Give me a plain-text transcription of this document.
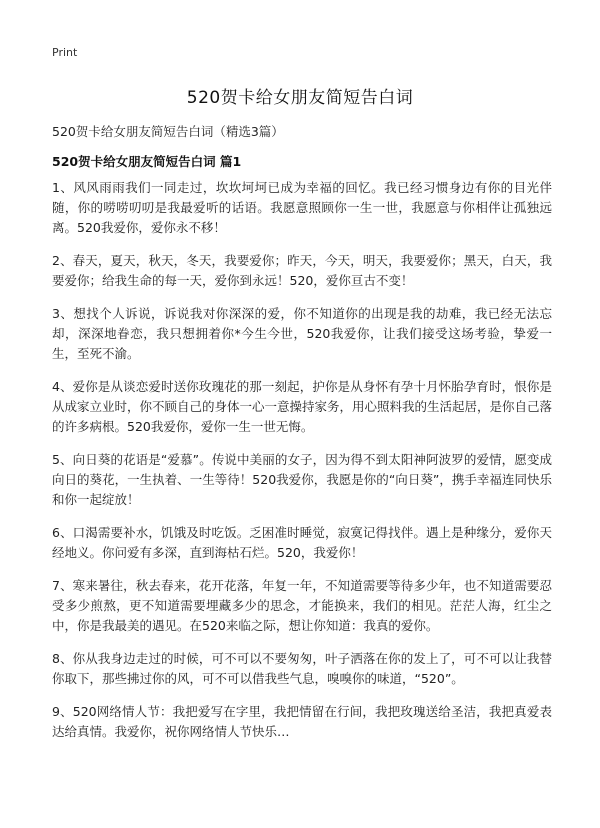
Print
520贺卡给女朋友简短告白词
520贺卡给女朋友简短告白词（精选3篇）
520贺卡给女朋友简短告白词 篇1

1、风风雨雨我们一同走过，坎坎坷坷已成为幸福的回忆。我已经习惯身边有你的目光伴随，你的唠唠叨叨是我最爱听的话语。我愿意照顾你一生一世，我愿意与你相伴让孤独远离。520我爱你，爱你永不移！

2、春天，夏天，秋天，冬天，我要爱你；昨天，今天，明天，我要爱你；黑天，白天，我要爱你；给我生命的每一天，爱你到永远！520，爱你亘古不变！

3、想找个人诉说，诉说我对你深深的爱，你不知道你的出现是我的劫难，我已经无法忘却，深深地眷恋，我只想拥着你*今生今世，520我爱你，让我们接受这场考验，挚爱一生，至死不渝。

4、爱你是从谈恋爱时送你玫瑰花的那一刻起，护你是从身怀有孕十月怀胎孕育时，恨你是从成家立业时，你不顾自己的身体一心一意操持家务，用心照料我的生活起居，是你自己落的许多病根。520我爱你，爱你一生一世无悔。

5、向日葵的花语是“爱慕”。传说中美丽的女子，因为得不到太阳神阿波罗的爱情，愿变成向日的葵花，一生执着、一生等待！520我爱你，我愿是你的“向日葵”，携手幸福连同快乐和你一起绽放！

6、口渴需要补水，饥饿及时吃饭。乏困准时睡觉，寂寞记得找伴。遇上是种缘分，爱你天经地义。你问爱有多深，直到海枯石烂。520，我爱你！

7、寒来暑往，秋去春来，花开花落，年复一年，不知道需要等待多少年，也不知道需要忍受多少煎熬，更不知道需要埋藏多少的思念，才能换来，我们的相见。茫茫人海，红尘之中，你是我最美的遇见。在520来临之际，想让你知道：我真的爱你。

8、你从我身边走过的时候，可不可以不要匆匆，叶子洒落在你的发上了，可不可以让我替你取下，那些拂过你的风，可不可以借我些气息，嗅嗅你的味道，“520”。

9、520网络情人节：我把爱写在字里，我把情留在行间，我把玫瑰送给圣洁，我把真爱表达给真情。我爱你，祝你网络情人节快乐…
